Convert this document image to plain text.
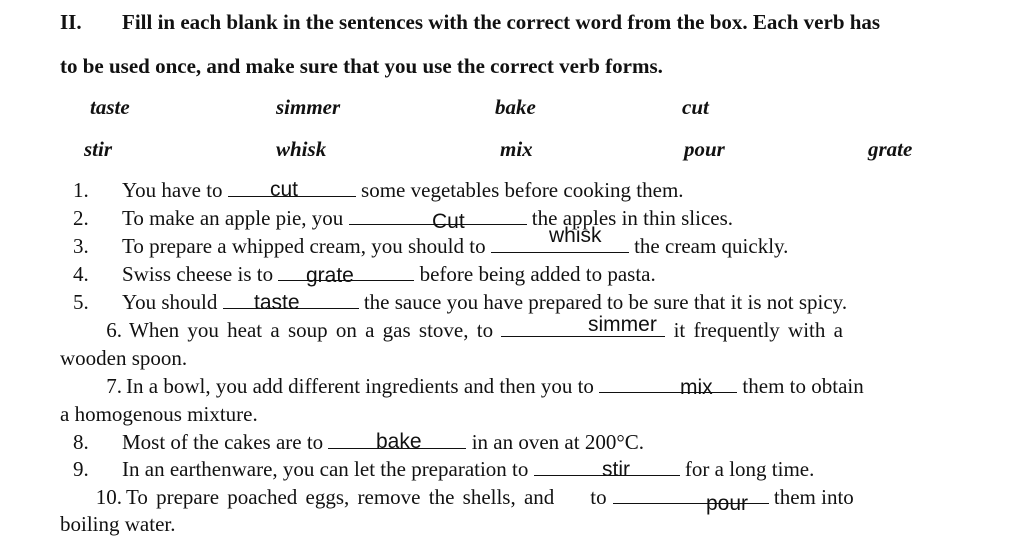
II. Fill in each blank in the sentences with the correct word from the box. Each verb has
to be used once, and make sure that you use the correct verb forms.
taste	simmer	bake	cut
stir	whisk	mix	pour	grate
1. You have to	some vegetables before cooking them.
cut
2. To make an apple pie, you	the apples in thin slices.
Cut
3. To prepare a whipped cream, you should to	the cream quickly.
whisk
4. Swiss cheese is to	before being added to pasta.
grate
5. You should	the sauce you have prepared to be sure that it is not spicy.
taste
6. When you heat a soup on a gas stove, to	it frequently with a
wooden spoon.
simmer
7. In a bowl, you add different ingredients and then you to	them to obtain
a homogenous mixture.
mix
8. Most of the cakes are to	in an oven at 200°C.
bake
9. In an earthenware, you can let the preparation to	for a long time.
stir
10. To prepare poached eggs, remove the shells, and to	them into
boiling water.
pour
